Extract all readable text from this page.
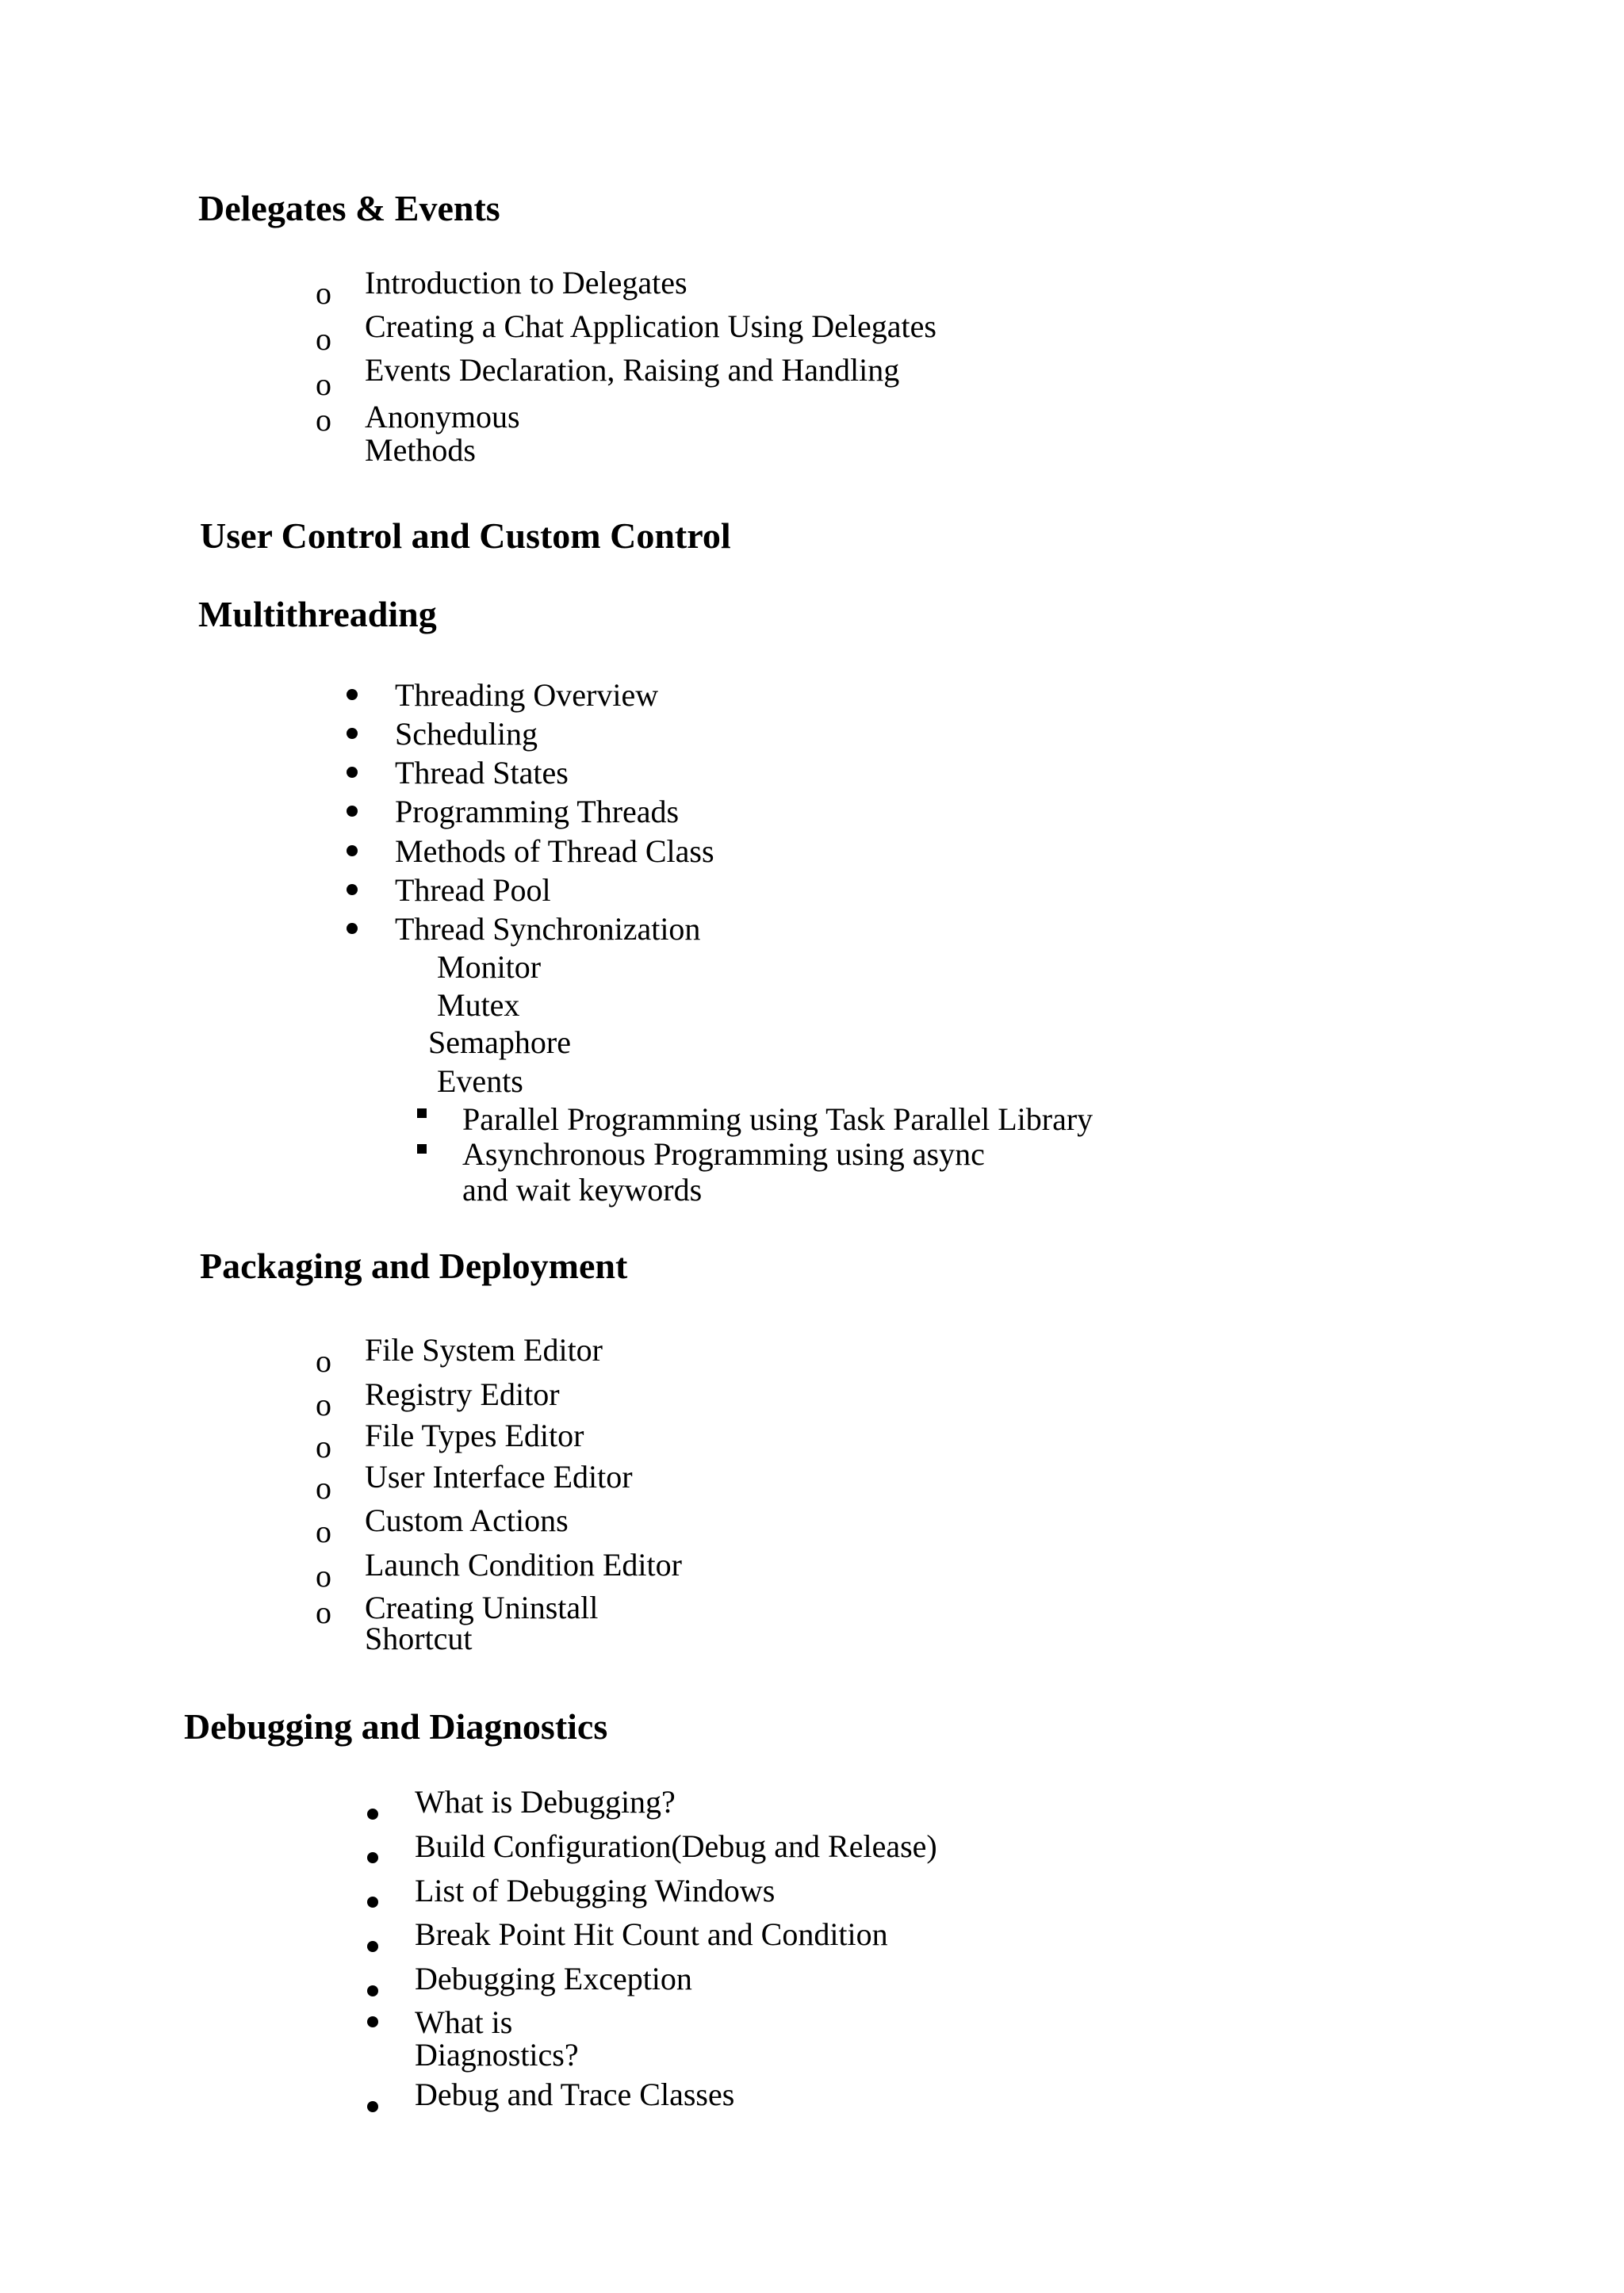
Delegates & Events
o Introduction to Delegates
o Creating a Chat Application Using Delegates
o Events Declaration, Raising and Handling
o Anonymous
Methods
User Control and Custom Control
Multithreading
Threading Overview
Scheduling
Thread States
Programming Threads
Methods of Thread Class
Thread Pool
Thread Synchronization
Monitor
Mutex
Semaphore
Events
Parallel Programming using Task Parallel Library
Asynchronous Programming using async
and wait keywords
Packaging and Deployment
o File System Editor
o Registry Editor
o File Types Editor
o User Interface Editor
o Custom Actions
o Launch Condition Editor
o Creating Uninstall
Shortcut
Debugging and Diagnostics
What is Debugging?
Build Configuration(Debug and Release)
List of Debugging Windows
Break Point Hit Count and Condition
Debugging Exception
What is
Diagnostics?
Debug and Trace Classes
